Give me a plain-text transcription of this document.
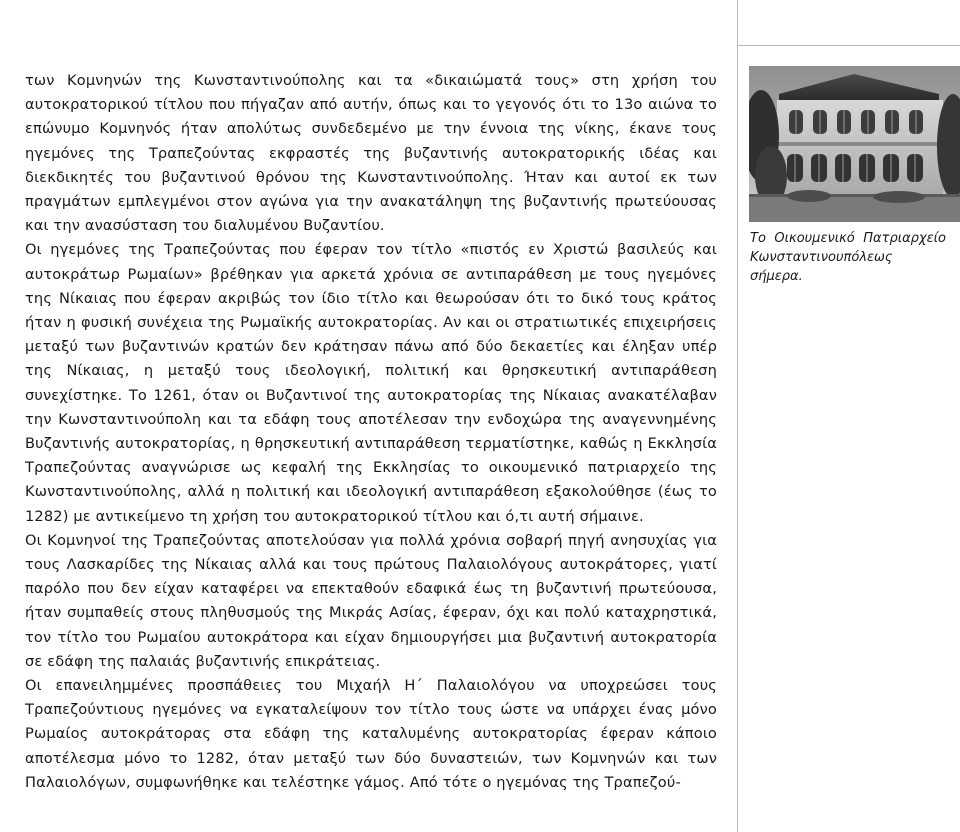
των Κομνηνών της Κωνσταντινούπολης και τα «δικαιώματά τους» στη χρήση του αυτοκρατορικού τίτλου που πήγαζαν από αυτήν, όπως και το γεγονός ότι το 13ο αιώνα το επώνυμο Κομνηνός ήταν απολύτως συνδεδεμένο με την έννοια της νίκης, έκανε τους ηγεμόνες της Τραπεζούντας εκφραστές της βυζαντινής αυτοκρατορικής ιδέας και διεκδικητές του βυζαντινού θρόνου της Κωνσταντινούπολης. Ήταν και αυτοί εκ των πραγμάτων εμπλεγμένοι στον αγώνα για την ανακατάληψη της βυζαντινής πρωτεύουσας και την ανασύσταση του διαλυμένου Βυζαντίου.

Οι ηγεμόνες της Τραπεζούντας που έφεραν τον τίτλο «πιστός εν Χριστώ βασιλεύς και αυτοκράτωρ Ρωμαίων» βρέθηκαν για αρκετά χρόνια σε αντιπαράθεση με τους ηγεμόνες της Νίκαιας που έφεραν ακριβώς τον ίδιο τίτλο και θεωρούσαν ότι το δικό τους κράτος ήταν η φυσική συνέχεια της Ρωμαϊκής αυτοκρατορίας. Αν και οι στρατιωτικές επιχειρήσεις μεταξύ των βυζαντινών κρατών δεν κράτησαν πάνω από δύο δεκαετίες και έληξαν υπέρ της Νίκαιας, η μεταξύ τους ιδεολογική, πολιτική και θρησκευτική αντιπαράθεση συνεχίστηκε. Το 1261, όταν οι Βυζαντινοί της αυτοκρατορίας της Νίκαιας ανακατέλαβαν την Κωνσταντινούπολη και τα εδάφη τους αποτέλεσαν την ενδοχώρα της αναγεννημένης Βυζαντινής αυτοκρατορίας, η θρησκευτική αντιπαράθεση τερματίστηκε, καθώς η Εκκλησία Τραπεζούντας αναγνώρισε ως κεφαλή της Εκκλησίας το οικουμενικό πατριαρχείο της Κωνσταντινούπολης, αλλά η πολιτική και ιδεολογική αντιπαράθεση εξακολούθησε (έως το 1282) με αντικείμενο τη χρήση του αυτοκρατορικού τίτλου και ό,τι αυτή σήμαινε.

Οι Κομνηνοί της Τραπεζούντας αποτελούσαν για πολλά χρόνια σοβαρή πηγή ανησυχίας για τους Λασκαρίδες της Νίκαιας αλλά και τους πρώτους Παλαιολόγους αυτοκράτορες, γιατί παρόλο που δεν είχαν καταφέρει να επεκταθούν εδαφικά έως τη βυζαντινή πρωτεύουσα, ήταν συμπαθείς στους πληθυσμούς της Μικράς Ασίας, έφεραν, όχι και πολύ καταχρηστικά, τον τίτλο του Ρωμαίου αυτοκράτορα και είχαν δημιουργήσει μια βυζαντινή αυτοκρατορία σε εδάφη της παλαιάς βυζαντινής επικράτειας.

Οι επανειλημμένες προσπάθειες του Μιχαήλ Η΄ Παλαιολόγου να υποχρεώσει τους Τραπεζούντιους ηγεμόνες να εγκαταλείψουν τον τίτλο τους ώστε να υπάρχει ένας μόνο Ρωμαίος αυτοκράτορας στα εδάφη της καταλυμένης αυτοκρατορίας έφεραν κάποιο αποτέλεσμα μόνο το 1282, όταν μεταξύ των δύο δυναστειών, των Κομνηνών και των Παλαιολόγων, συμφωνήθηκε και τελέστηκε γάμος. Από τότε ο ηγεμόνας της Τραπεζού-

Το Οικουμενικό Πατριαρχείο Κωνσταντινουπόλεως σήμερα.
